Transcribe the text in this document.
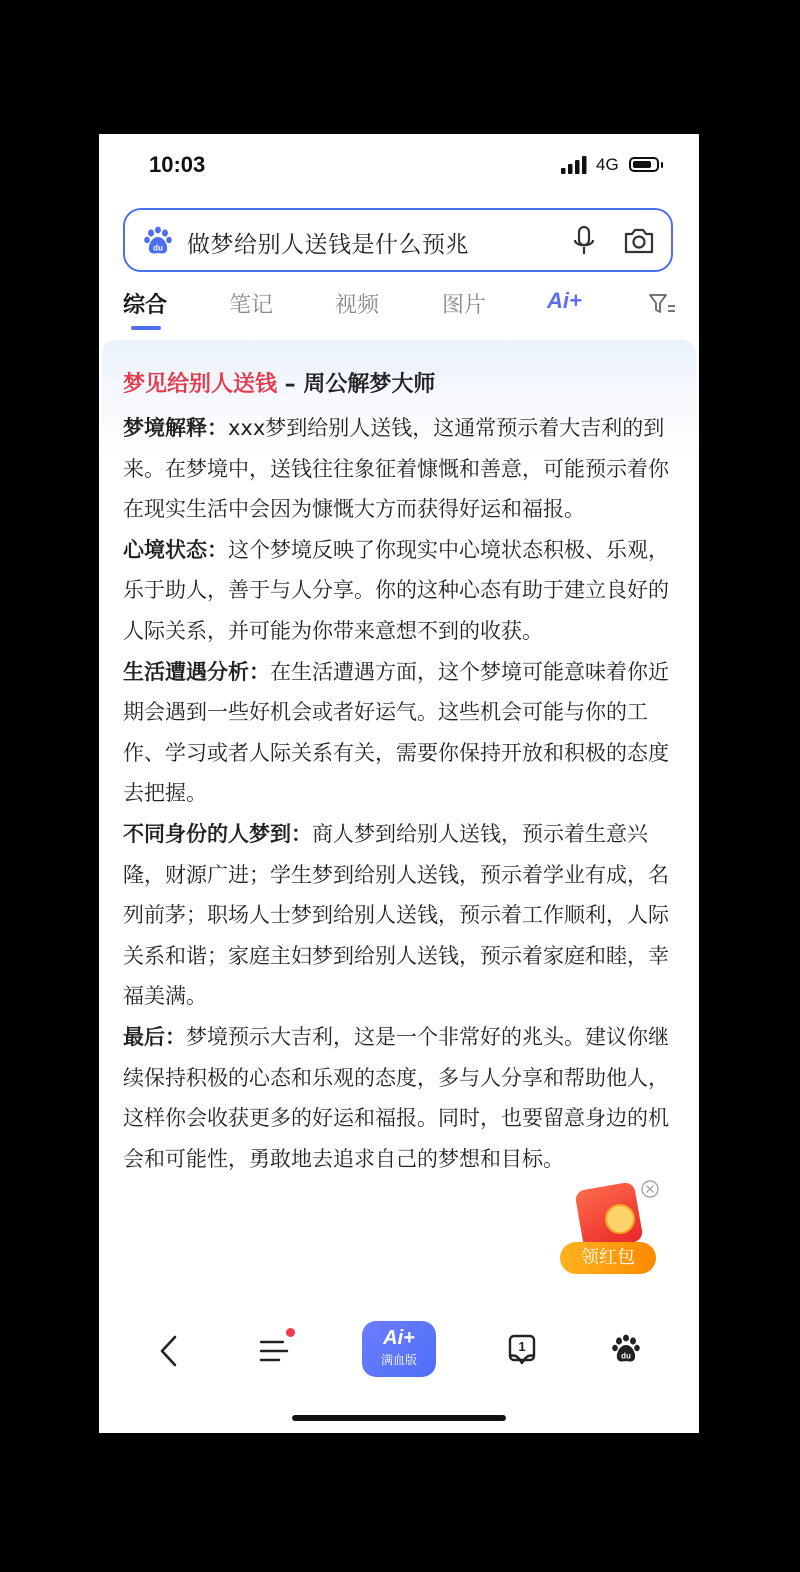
10:03	4G
du 做梦给别人送钱是什么预兆
综合	笔记	视频	图片	Ai+
梦见给别人送钱 – 周公解梦大师

梦境解释：xxx梦到给别人送钱，这通常预示着大吉利的到来。在梦境中，送钱往往象征着慷慨和善意，可能预示着你在现实生活中会因为慷慨大方而获得好运和福报。

心境状态：这个梦境反映了你现实中心境状态积极、乐观，乐于助人，善于与人分享。你的这种心态有助于建立良好的人际关系，并可能为你带来意想不到的收获。

生活遭遇分析：在生活遭遇方面，这个梦境可能意味着你近期会遇到一些好机会或者好运气。这些机会可能与你的工作、学习或者人际关系有关，需要你保持开放和积极的态度去把握。

不同身份的人梦到：商人梦到给别人送钱，预示着生意兴隆，财源广进；学生梦到给别人送钱，预示着学业有成，名列前茅；职场人士梦到给别人送钱，预示着工作顺利，人际关系和谐；家庭主妇梦到给别人送钱，预示着家庭和睦，幸福美满。

最后：梦境预示大吉利，这是一个非常好的兆头。建议你继续保持积极的心态和乐观的态度，多与人分享和帮助他人，这样你会收获更多的好运和福报。同时，也要留意身边的机会和可能性，勇敢地去追求自己的梦想和目标。

领红包
Ai+
满血版
1
du
